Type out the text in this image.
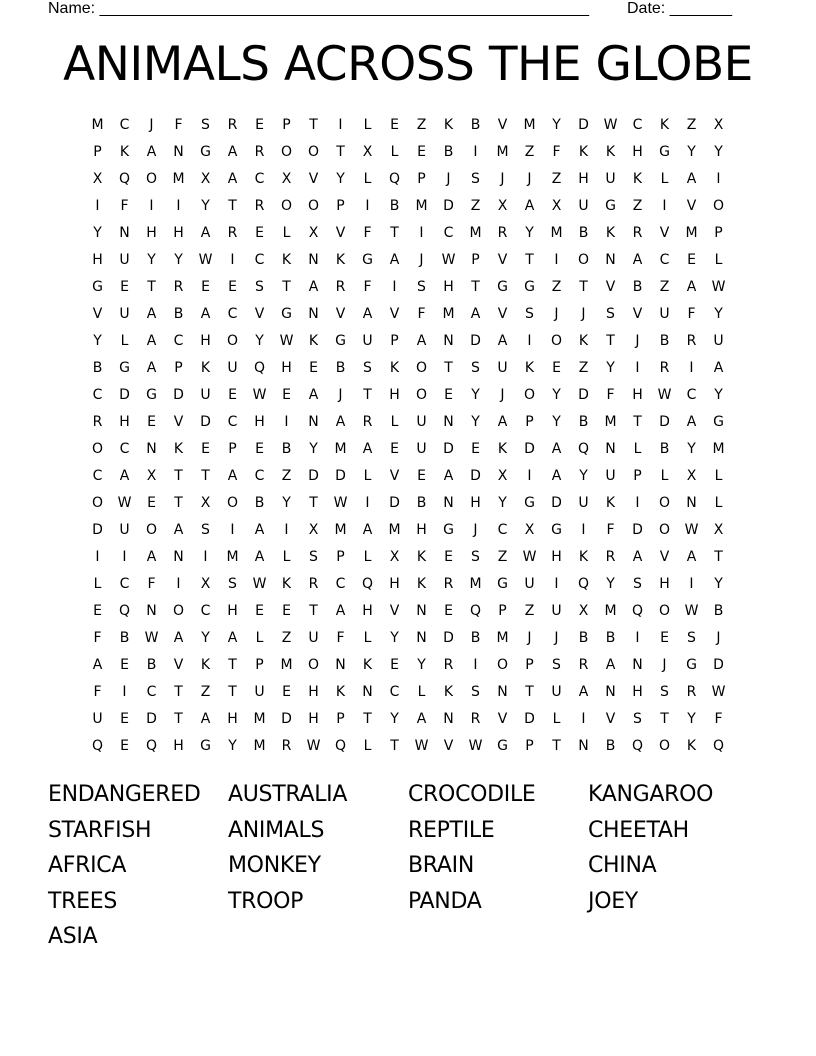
Name: _______________________________________________________ Date: _______
ANIMALS ACROSS THE GLOBE
M	C	J	F	S	R	E	P	T	I	L	E	Z	K	B	V	M	Y	D	W	C	K	Z	X
P	K	A	N	G	A	R	O	O	T	X	L	E	B	I	M	Z	F	K	K	H	G	Y	Y
X	Q	O	M	X	A	C	X	V	Y	L	Q	P	J	S	J	J	Z	H	U	K	L	A	I
I	F	I	I	Y	T	R	O	O	P	I	B	M	D	Z	X	A	X	U	G	Z	I	V	O
Y	N	H	H	A	R	E	L	X	V	F	T	I	C	M	R	Y	M	B	K	R	V	M	P
H	U	Y	Y	W	I	C	K	N	K	G	A	J	W	P	V	T	I	O	N	A	C	E	L
G	E	T	R	E	E	S	T	A	R	F	I	S	H	T	G	G	Z	T	V	B	Z	A	W
V	U	A	B	A	C	V	G	N	V	A	V	F	M	A	V	S	J	J	S	V	U	F	Y
Y	L	A	C	H	O	Y	W	K	G	U	P	A	N	D	A	I	O	K	T	J	B	R	U
B	G	A	P	K	U	Q	H	E	B	S	K	O	T	S	U	K	E	Z	Y	I	R	I	A
C	D	G	D	U	E	W	E	A	J	T	H	O	E	Y	J	O	Y	D	F	H	W	C	Y
R	H	E	V	D	C	H	I	N	A	R	L	U	N	Y	A	P	Y	B	M	T	D	A	G
O	C	N	K	E	P	E	B	Y	M	A	E	U	D	E	K	D	A	Q	N	L	B	Y	M
C	A	X	T	T	A	C	Z	D	D	L	V	E	A	D	X	I	A	Y	U	P	L	X	L
O	W	E	T	X	O	B	Y	T	W	I	D	B	N	H	Y	G	D	U	K	I	O	N	L
D	U	O	A	S	I	A	I	X	M	A	M	H	G	J	C	X	G	I	F	D	O	W	X
I	I	A	N	I	M	A	L	S	P	L	X	K	E	S	Z	W	H	K	R	A	V	A	T
L	C	F	I	X	S	W	K	R	C	Q	H	K	R	M	G	U	I	Q	Y	S	H	I	Y
E	Q	N	O	C	H	E	E	T	A	H	V	N	E	Q	P	Z	U	X	M	Q	O	W	B
F	B	W	A	Y	A	L	Z	U	F	L	Y	N	D	B	M	J	J	B	B	I	E	S	J
A	E	B	V	K	T	P	M	O	N	K	E	Y	R	I	O	P	S	R	A	N	J	G	D
F	I	C	T	Z	T	U	E	H	K	N	C	L	K	S	N	T	U	A	N	H	S	R	W
U	E	D	T	A	H	M	D	H	P	T	Y	A	N	R	V	D	L	I	V	S	T	Y	F
Q	E	Q	H	G	Y	M	R	W	Q	L	T	W	V	W	G	P	T	N	B	Q	O	K	Q
ENDANGERED	AUSTRALIA	CROCODILE	KANGAROO
STARFISH	ANIMALS	REPTILE	CHEETAH
AFRICA	MONKEY	BRAIN	CHINA
TREES	TROOP	PANDA	JOEY
ASIA
